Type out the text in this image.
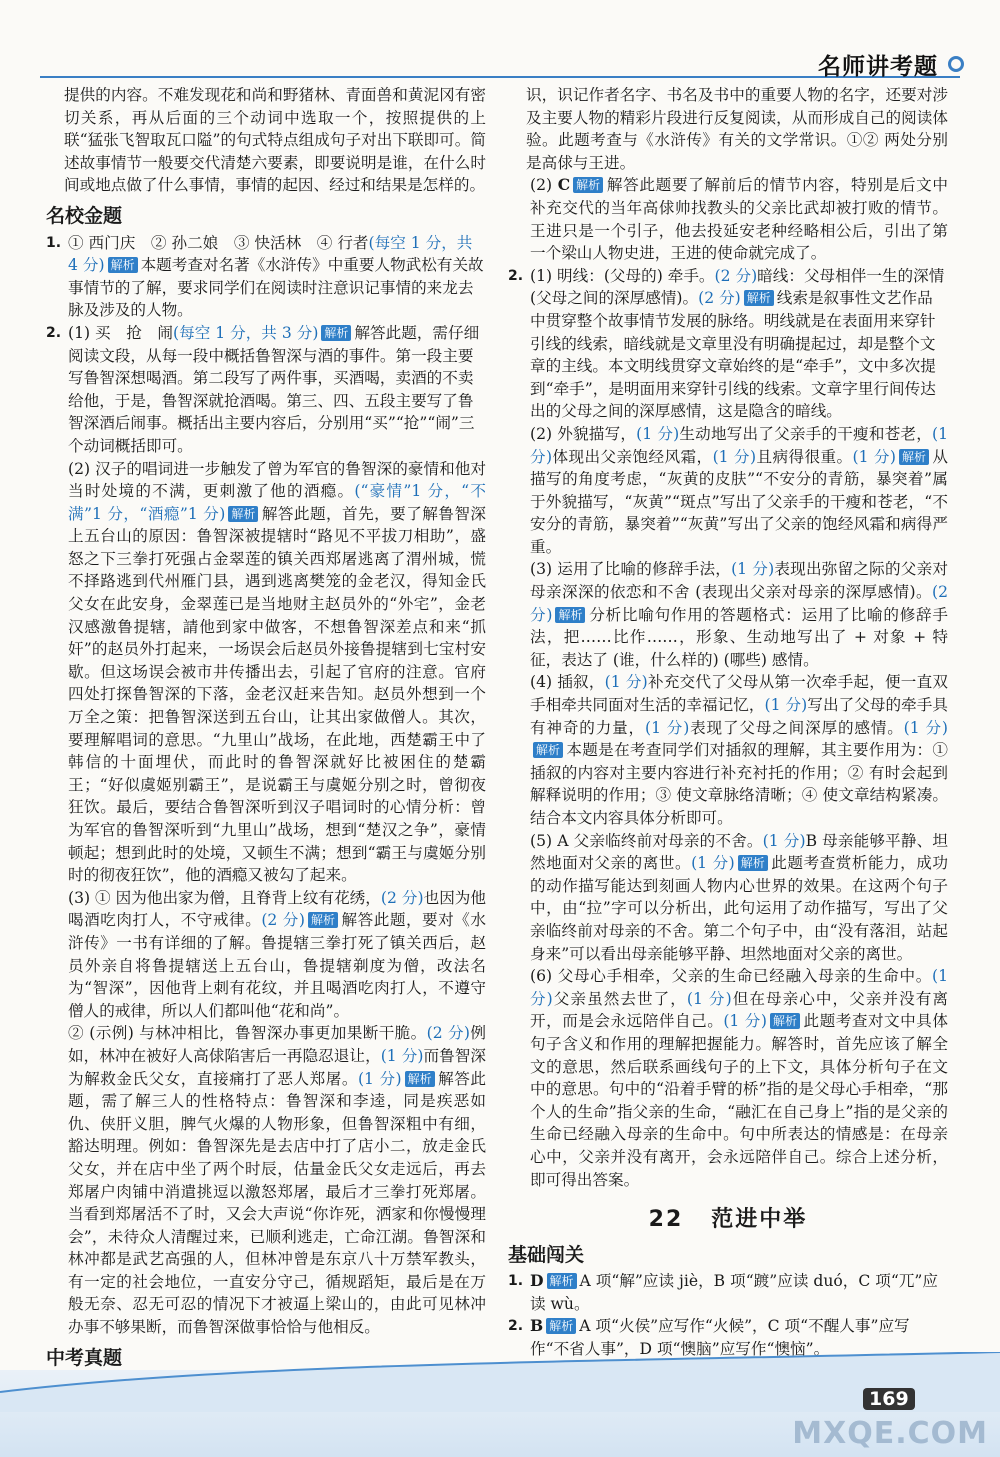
名师讲考题

提供的内容。不难发现花和尚和野猪林、青面兽和黄泥冈有密切关系，再从后面的三个动词中选取一个，按照提供的上联“猛张飞智取瓦口隘”的句式特点组成句子对出下联即可。简述故事情节一般要交代清楚六要素，即要说明是谁，在什么时间或地点做了什么事情，事情的起因、经过和结果是怎样的。

名校金题
1. ① 西门庆　② 孙二娘　③ 快活林　④ 行者(每空 1 分，共 4 分) 解析 本题考查对名著《水浒传》中重要人物武松有关故事情节的了解，要求同学们在阅读时注意识记事情的来龙去脉及涉及的人物。
2. (1) 买　抢　闹(每空 1 分，共 3 分) 解析 解答此题，需仔细阅读文段，从每一段中概括鲁智深与酒的事件。第一段主要写鲁智深想喝酒。第二段写了两件事，买酒喝，卖酒的不卖给他，于是，鲁智深就抢酒喝。第三、四、五段主要写了鲁智深酒后闹事。概括出主要内容后，分别用“买”“抢”“闹”三个动词概括即可。

(2) 汉子的唱词进一步触发了曾为军官的鲁智深的豪情和他对当时处境的不满，更刺激了他的酒瘾。(“豪情”1 分，“不满”1 分，“酒瘾”1 分) 解析 解答此题，首先，要了解鲁智深上五台山的原因：鲁智深被提辖时“路见不平拔刀相助”，盛怒之下三拳打死强占金翠莲的镇关西郑屠逃离了渭州城，慌不择路逃到代州雁门县，遇到逃离樊笼的金老汉，得知金氏父女在此安身，金翠莲已是当地财主赵员外的“外宅”，金老汉感激鲁提辖，請他到家中做客，不想鲁智深差点和来“抓奸”的赵员外打起来，一场误会后赵员外接鲁提辖到七宝村安歇。但这场误会被市井传播出去，引起了官府的注意。官府四处打探鲁智深的下落，金老汉赶来告知。赵员外想到一个万全之策：把鲁智深送到五台山，让其出家做僧人。其次，要理解唱词的意思。“九里山”战场，在此地，西楚霸王中了韩信的十面埋伏，而此时的鲁智深就好比被困住的楚霸王；“好似虞姬别霸王”，是说霸王与虞姬分别之时，曾彻夜狂饮。最后，要结合鲁智深听到汉子唱词时的心情分析：曾为军官的鲁智深听到“九里山”战场，想到“楚汉之争”，豪情顿起；想到此时的处境，又顿生不满；想到“霸王与虞姬分别时的彻夜狂饮”，他的酒瘾又被勾了起来。

(3) ① 因为他出家为僧，且脊背上纹有花绣，(2 分)也因为他喝酒吃肉打人，不守戒律。(2 分) 解析 解答此题，要对《水浒传》一书有详细的了解。鲁提辖三拳打死了镇关西后，赵员外亲自将鲁提辖送上五台山，鲁提辖剃度为僧，改法名为“智深”，因他背上刺有花纹，并且喝酒吃肉打人，不遵守僧人的戒律，所以人们都叫他“花和尚”。

② (示例) 与林冲相比，鲁智深办事更加果断干脆。(2 分)例如，林冲在被好人高俅陷害后一再隐忍退让，(1 分)而鲁智深为解救金氏父女，直接痛打了恶人郑屠。(1 分) 解析 解答此题，需了解三人的性格特点：鲁智深和李逵，同是疾恶如仇、侠肝义胆，脾气火爆的人物形象，但鲁智深粗中有细，豁达明理。例如：鲁智深先是去店中打了店小二，放走金氏父女，并在店中坐了两个时辰，估量金氏父女走远后，再去郑屠户肉铺中消遣挑逗以激怒郑屠，最后才三拳打死郑屠。当看到郑屠活不了时，又会大声说“你诈死，洒家和你慢慢理会”，未待众人清醒过来，已顺利逃走，亡命江湖。鲁智深和林冲都是武艺高强的人，但林冲曾是东京八十万禁军教头，有一定的社会地位，一直安分守己，循规蹈矩，最后是在万般无奈、忍无可忍的情况下才被逼上梁山的，由此可见林冲办事不够果断，而鲁智深做事恰恰与他相反。

中考真题

识，识记作者名字、书名及书中的重要人物的名字，还要对涉及主要人物的精彩片段进行反复阅读，从而形成自己的阅读体验。此题考查与《水浒传》有关的文学常识。①② 两处分别是高俅与王进。

(2) C 解析 解答此题要了解前后的情节内容，特别是后文中补充交代的当年高俅帅找教头的父亲比武却被打败的情节。王进只是一个引子，他去投延安老种经略相公后，引出了第一个梁山人物史进，王进的使命就完成了。

2. (1) 明线：(父母的) 牵手。(2 分)暗线：父母相伴一生的深情 (父母之间的深厚感情)。(2 分) 解析 线索是叙事性文艺作品中贯穿整个故事情节发展的脉络。明线就是在表面用来穿针引线的线索，暗线就是文章里没有明确提起过，却是整个文章的主线。本文明线贯穿文章始终的是“牵手”，文中多次提到“牵手”，是明面用来穿针引线的线索。文章字里行间传达出的父母之间的深厚感情，这是隐含的暗线。

(2) 外貌描写，(1 分)生动地写出了父亲手的干瘦和苍老，(1 分)体现出父亲饱经风霜，(1 分)且病得很重。(1 分) 解析 从描写的角度考虑，“灰黄的皮肤”“不安分的青筋，暴突着”属于外貌描写，“灰黄”“斑点”写出了父亲手的干瘦和苍老，“不安分的青筋，暴突着”“灰黄”写出了父亲的饱经风霜和病得严重。

(3) 运用了比喻的修辞手法，(1 分)表现出弥留之际的父亲对母亲深深的依恋和不舍 (表现出父亲对母亲的深厚感情)。(2 分) 解析 分析比喻句作用的答题格式：运用了比喻的修辞手法，把……比作……，形象、生动地写出了 + 对象 + 特征，表达了 (谁，什么样的) (哪些) 感情。

(4) 插叙，(1 分)补充交代了父母从第一次牵手起，便一直双手相牵共同面对生活的幸福记忆，(1 分)写出了父母的牵手具有神奇的力量，(1 分)表现了父母之间深厚的感情。(1 分)解析 本题是在考查同学们对插叙的理解，其主要作用为：① 插叙的内容对主要内容进行补充衬托的作用；② 有时会起到解释说明的作用；③ 使文章脉络清晰；④ 使文章结构紧凑。结合本文内容具体分析即可。

(5) A 父亲临终前对母亲的不舍。(1 分)B 母亲能够平静、坦然地面对父亲的离世。(1 分) 解析 此题考查赏析能力，成功的动作描写能达到刻画人物内心世界的效果。在这两个句子中，由“拉”字可以分析出，此句运用了动作描写，写出了父亲临终前对母亲的不舍。第二个句子中，由“没有落泪，站起身来”可以看出母亲能够平静、坦然地面对父亲的离世。

(6) 父母心手相牵，父亲的生命已经融入母亲的生命中。(1 分)父亲虽然去世了，(1 分)但在母亲心中，父亲并没有离开，而是会永远陪伴自己。(1 分) 解析 此题考查对文中具体句子含义和作用的理解把握能力。解答时，首先应该了解全文的意思，然后联系画线句子的上下文，具体分析句子在文中的意思。句中的“沿着手臂的桥”指的是父母心手相牵，“那个人的生命”指父亲的生命，“融汇在自己身上”指的是父亲的生命已经融入母亲的生命中。句中所表达的情感是：在母亲心中，父亲并没有离开，会永远陪伴自己。综合上述分析，即可得出答案。

22 范进中举
基础闯关
1. D 解析 A 项“解”应读 jiè，B 项“踱”应读 duó，C 项“兀”应读 wù。
2. B 解析 A 项“火侯”应写作“火候”，C 项“不醒人事”应写作“不省人事”，D 项“懊脑”应写作“懊恼”。
169
MXQE.COM
